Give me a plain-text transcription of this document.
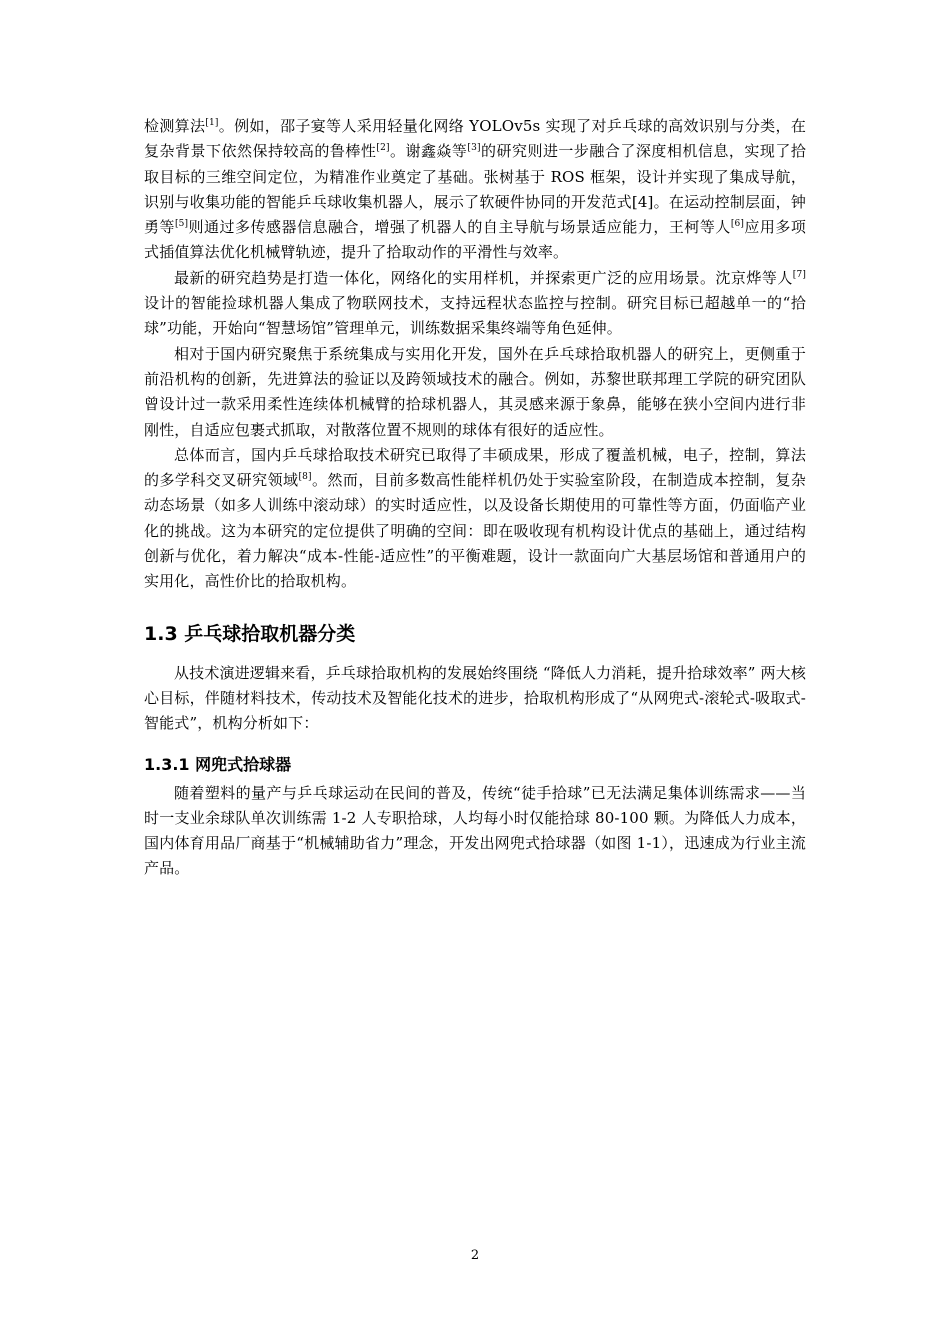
检测算法[1]。例如，邵子宴等人采用轻量化网络 YOLOv5s 实现了对乒乓球的高效识别与分类，在复杂背景下依然保持较高的鲁棒性[2]。谢鑫焱等[3]的研究则进一步融合了深度相机信息，实现了拾取目标的三维空间定位，为精准作业奠定了基础。张树基于 ROS 框架，设计并实现了集成导航，识别与收集功能的智能乒乓球收集机器人，展示了软硬件协同的开发范式[4]。在运动控制层面，钟勇等[5]则通过多传感器信息融合，增强了机器人的自主导航与场景适应能力，王柯等人[6]应用多项式插值算法优化机械臂轨迹，提升了拾取动作的平滑性与效率。

最新的研究趋势是打造一体化，网络化的实用样机，并探索更广泛的应用场景。沈京烨等人[7]设计的智能捡球机器人集成了物联网技术，支持远程状态监控与控制。研究目标已超越单一的“拾球”功能，开始向“智慧场馆”管理单元，训练数据采集终端等角色延伸。

相对于国内研究聚焦于系统集成与实用化开发，国外在乒乓球拾取机器人的研究上，更侧重于前沿机构的创新，先进算法的验证以及跨领域技术的融合。例如，苏黎世联邦理工学院的研究团队曾设计过一款采用柔性连续体机械臂的拾球机器人，其灵感来源于象鼻，能够在狭小空间内进行非刚性，自适应包裹式抓取，对散落位置不规则的球体有很好的适应性。

总体而言，国内乒乓球拾取技术研究已取得了丰硕成果，形成了覆盖机械，电子，控制，算法的多学科交叉研究领域[8]。然而，目前多数高性能样机仍处于实验室阶段，在制造成本控制，复杂动态场景（如多人训练中滚动球）的实时适应性，以及设备长期使用的可靠性等方面，仍面临产业化的挑战。这为本研究的定位提供了明确的空间：即在吸收现有机构设计优点的基础上，通过结构创新与优化，着力解决“成本-性能-适应性”的平衡难题，设计一款面向广大基层场馆和普通用户的实用化，高性价比的拾取机构。

1.3 乒乓球拾取机器分类

从技术演进逻辑来看，乒乓球拾取机构的发展始终围绕 “降低人力消耗，提升拾球效率” 两大核心目标，伴随材料技术，传动技术及智能化技术的进步，拾取机构形成了“从网兜式-滚轮式-吸取式-智能式”，机构分析如下：

1.3.1 网兜式拾球器

随着塑料的量产与乒乓球运动在民间的普及，传统“徒手拾球”已无法满足集体训练需求——当时一支业余球队单次训练需 1-2 人专职拾球，人均每小时仅能拾球 80-100 颗。为降低人力成本，国内体育用品厂商基于“机械辅助省力”理念，开发出网兜式拾球器（如图 1-1），迅速成为行业主流产品。

2
